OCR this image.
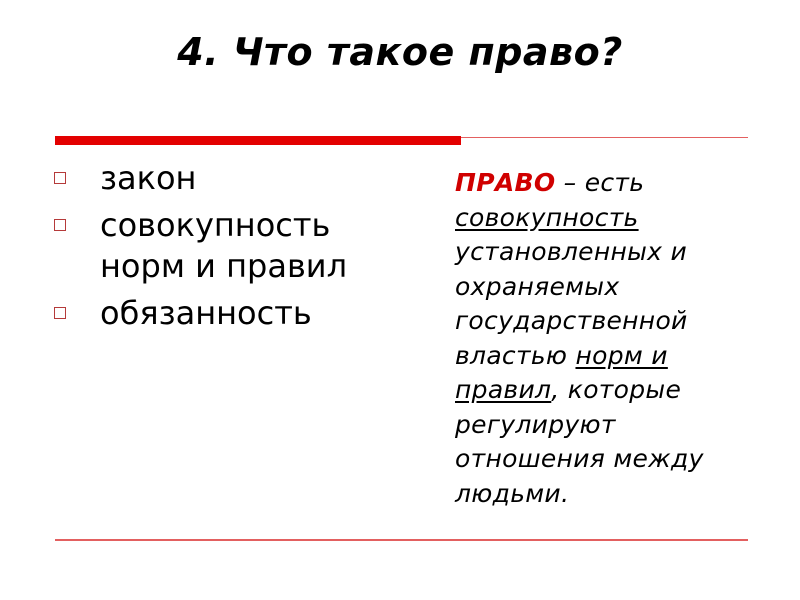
4. Что такое право?
закон
совокупность норм и правил
обязанность

ПРАВО – есть совокупность установленных и охраняемых государственной властью норм и правил, которые регулируют отношения между людьми.
